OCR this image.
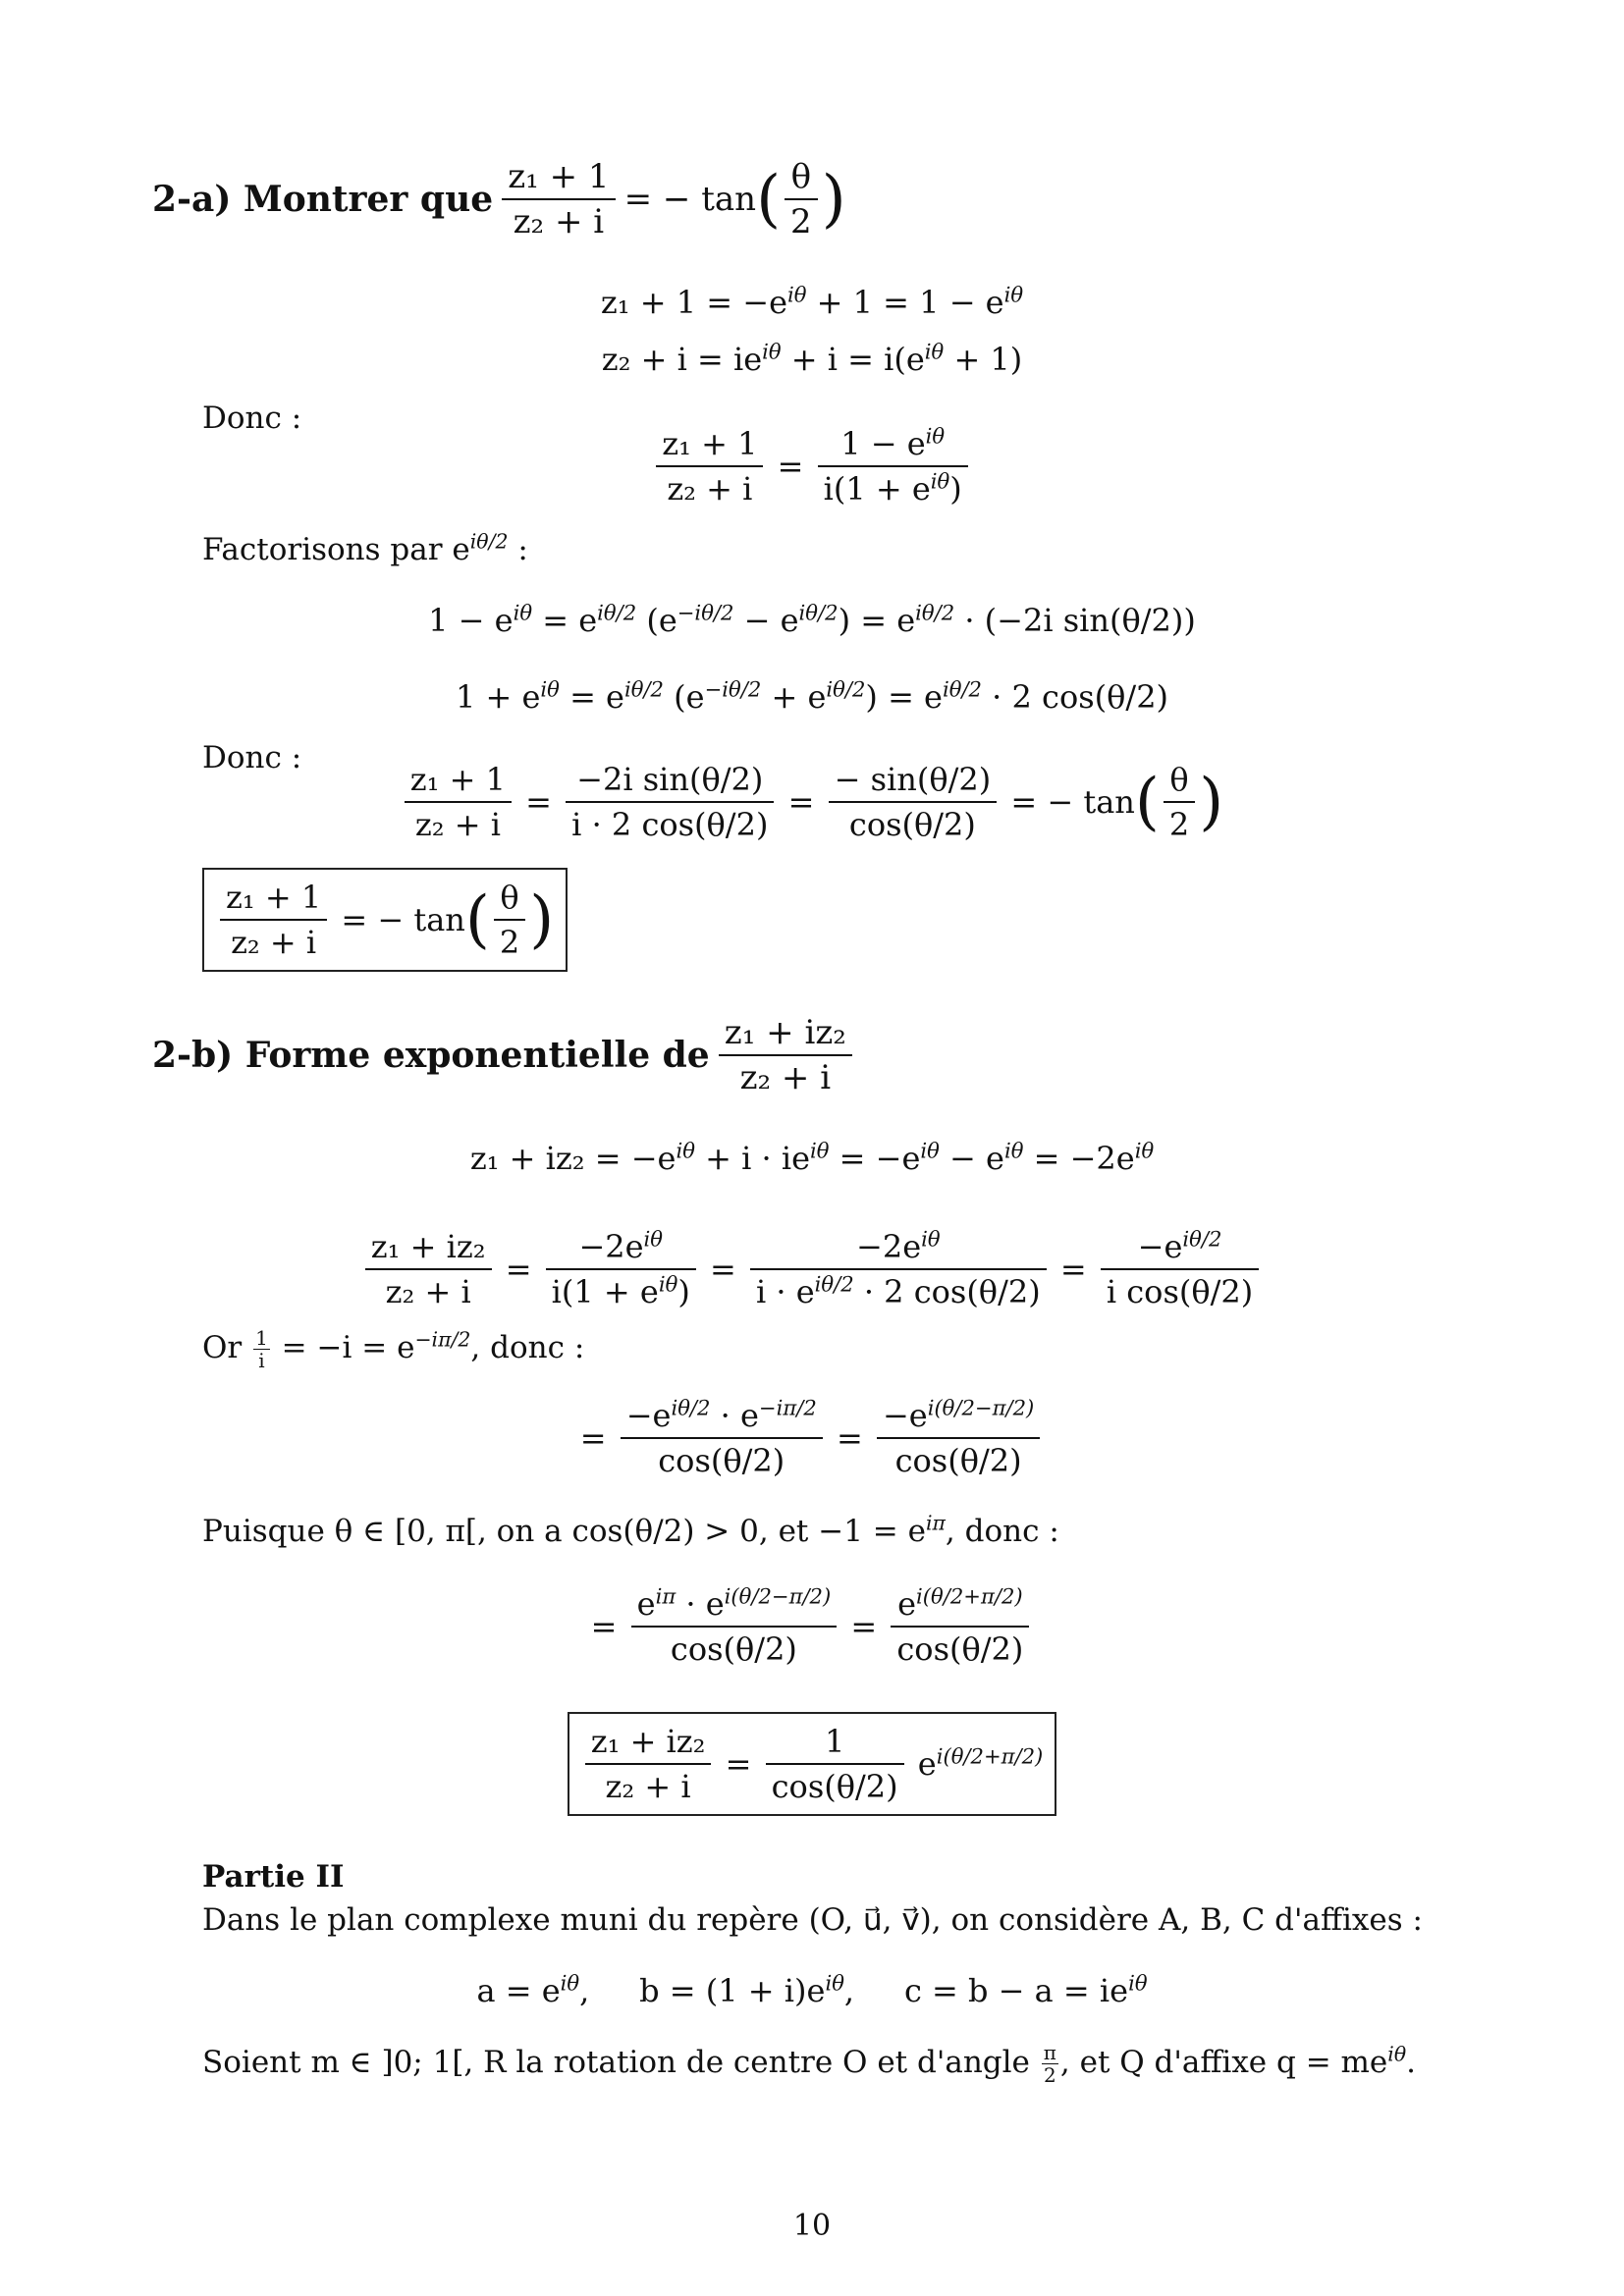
2-a) Montrer que $\frac{\text{z₁ + 1}}{\text{z₂ + i}}$ = − $\tan( \frac{\theta}{2}$ )
$z_1 + 1 = -e^{i\theta} + 1 = 1 - e^{i\theta}$
$z_2 + i = ie^{i\theta} + i = i(e^{i\theta} + 1)$
Donc :
$\frac{\text{z₁ + 1}}{\text{z₂ + i}} = \frac{1 - e^{i\theta}}{i(1 + e^{i\theta})}$
Factorisons par $e^{i\theta/2}$ :
$1 - e^{i\theta} = e^{i\theta/2}$ $(e^{-i\theta/2} - e^{i\theta/2}) = e^{i\theta/2} \cdot (-2i$ sin(θ/2))
$1 + e^{i\theta} = e^{i\theta/2}$ $(e^{-i\theta/2} + e^{i\theta/2}) = e^{i\theta/2} \cdot 2$ cos(θ/2)
Donc :	$\frac{\text{z₁ + 1}}{\text{z₂ + i}} = \frac{\text{−2i sin(θ/2)}}{i \cdot 2 \cos(\theta/2)} = \frac{- \sin(\theta/2)}{\cos(\theta/2)}$ = − $\tan( \frac{\theta}{2}$ )
$\frac{\text{z₁ + 1}}{\text{z₂ + i}}$ = − $\tan( \frac{\theta}{2}$ )
2-b) Forme exponentielle de $\frac{\text{z₁ + iz₂}}{\text{z₂ + i}}$
$z_1 + iz_2 = -e^{i\theta} + i \cdot ie^{i\theta} = -e^{i\theta} - e^{i\theta} = -2e^{i\theta}$
$\frac{\text{z₁ + iz₂}}{\text{z₂ + i}} = \frac{-2e^{i\theta}}{i(1 + e^{i\theta})} = \frac{-2e^{i\theta}}{i \cdot e^{i\theta/2} \cdot 2 \cos(\theta/2)} = \frac{-e^{i\theta/2}}{\text{i cos(θ/2)}}$
Or $\frac{1}{i} = -i = e^{-i\pi/2}$, donc :
= $\frac{-e^{i\theta/2} \cdot e^{-i\pi/2}}{\cos(\theta/2)} = \frac{-e^{i(\theta/2-\pi/2)}}{\cos(\theta/2)}$
Puisque θ ∈ [0, π[, on a cos(θ/2) > 0, et $-1 = e^{i\pi}$, donc :
= $\frac{e^{i\pi} \cdot e^{i(\theta/2-\pi/2)}}{\cos(\theta/2)} = \frac{e^{i(\theta/2+\pi/2)}}{\cos(\theta/2)}$
$\frac{\text{z₁ + iz₂}}{\text{z₂ + i}} = \frac{1}{\cos(\theta/2)} e^{i(\theta/2+\pi/2)}$
Partie II
Dans le plan complexe muni du repère (O, u⃗, v⃗), on considère A, B, C d'affixes :
$a = e^{i\theta}$,     $b = (1 + i)e^{i\theta}$,     $c = b - a = ie^{i\theta}$
Soient m ∈ ]0; 1[, R la rotation de centre O et d'angle $\frac{\pi}{2}$ , et Q d'affixe $q = me^{i\theta}$.
10
